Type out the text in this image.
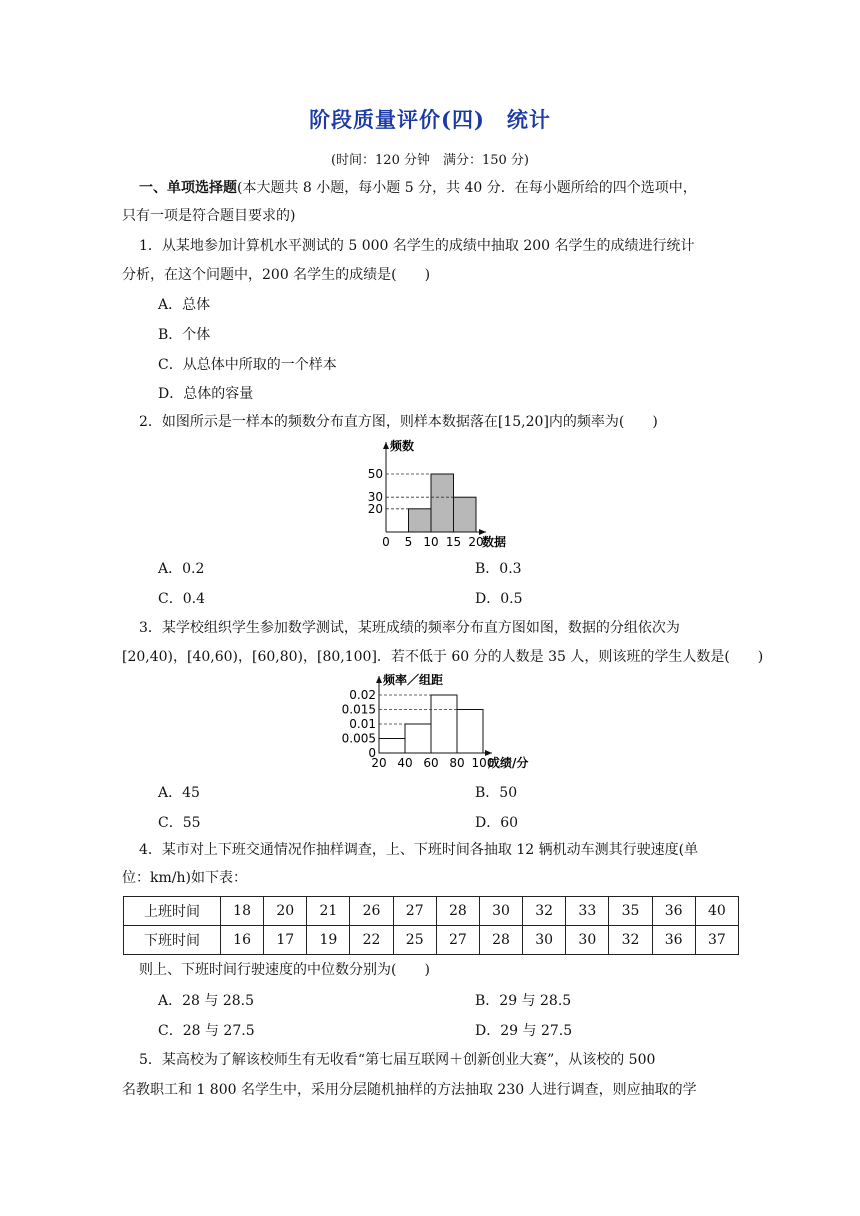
阶段质量评价(四)　统计
(时间：120 分钟　满分：150 分)
一、单项选择题(本大题共 8 小题，每小题 5 分，共 40 分．在每小题所给的四个选项中，
只有一项是符合题目要求的)
1．从某地参加计算机水平测试的 5 000 名学生的成绩中抽取 200 名学生的成绩进行统计
分析，在这个问题中，200 名学生的成绩是(　　)
A．总体
B．个体
C．从总体中所取的一个样本
D．总体的容量
2．如图所示是一样本的频数分布直方图，则样本数据落在[15,20]内的频率为(　　)
0 5 10 15 20
20
30
50
频数
数据
A．0.2	B．0.3
C．0.4	D．0.5
3．某学校组织学生参加数学测试，某班成绩的频率分布直方图如图，数据的分组依次为
[20,40)，[40,60)，[60,80)，[80,100]．若不低于 60 分的人数是 35 人，则该班的学生人数是(　　)
20 40 60 80 100
0
0.005
0.01
0.015
0.02
频率／组距
成绩/分
A．45	B．50
C．55	D．60
4．某市对上下班交通情况作抽样调查，上、下班时间各抽取 12 辆机动车测其行驶速度(单
位：km/h)如下表：
上班时间	18	20	21	26	27	28	30	32	33	35	36	40
下班时间	16	17	19	22	25	27	28	30	30	32	36	37
则上、下班时间行驶速度的中位数分别为(　　)
A．28 与 28.5	B．29 与 28.5
C．28 与 27.5	D．29 与 27.5
5．某高校为了解该校师生有无收看“第七届互联网＋创新创业大赛”，从该校的 500
名教职工和 1 800 名学生中，采用分层随机抽样的方法抽取 230 人进行调查，则应抽取的学
